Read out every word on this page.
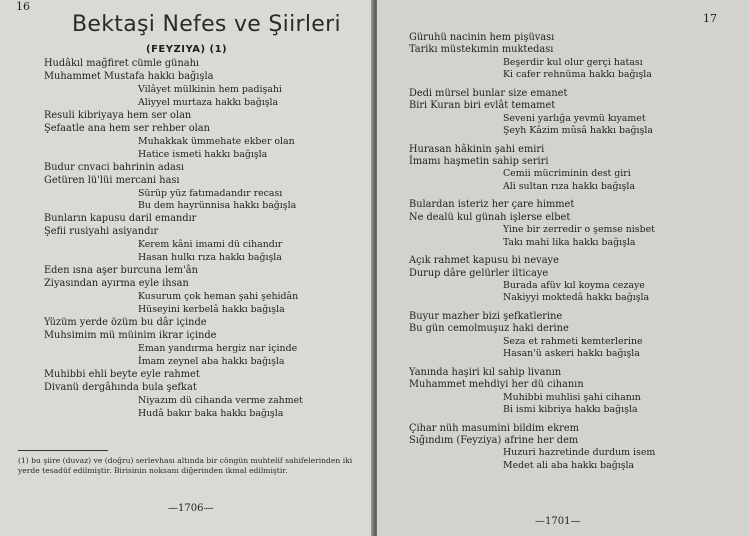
16
Bektaşi Nefes ve Şiirleri
(FEYZIYA) (1)
Hudâkıl mağfiret cümle günahı
Muhammet Mustafa hakkı bağışla
Vilâyet mülkinin hem padişahi
Aliyyel murtaza hakkı bağışla
Resuli kibriyaya hem ser olan
Şefaatle ana hem ser rehber olan
Muhakkak ümmehate ekber olan
Hatice ismeti hakkı bağışla
Budur cnvaci bahrinin adası
Getüren lü'lüi mercani hası
Sürüp yüz fatımadandır recası
Bu dem hayrünnisa hakkı bağışla
Bunların kapusu daril emandır
Şefii rusiyahi asiyandır
Kerem kâni imami dü cihandır
Hasan hulkı rıza hakkı bağışla
Eden ısna aşer burcuna lem'ân
Ziyasından ayırma eyle ihsan
Kusurum çok heman şahi şehidân
Hüseyini kerbelâ hakkı bağışla
Yüzüm yerde özüm bu dâr içinde
Muhsimim mü müinim ikrar içinde
Eman yandırma hergiz nar içinde
İmam zeynel aba hakkı bağışla
Muhibbi ehli beyte eyle rahmet
Divanü dergâhında bula şefkat
Niyazım dü cihanda verme zahmet
Hudâ bakır baka hakkı bağışla
(1) bu şiire (duvaz) ve (doğru) serlevhası altında bir cöngün muhtelif sahifelerinden iki yerde tesadüf edilmiştir. Birisinin noksanı diğerinden ikmal edilmiştir.
—1706—
17
Güruhü nacinin hem pişüvası
Tarikı müstekımin muktedası
Beşerdir kul olur gerçi hatası
Ki cafer rehnüma hakkı bağışla
Dedi mürsel bunlar size emanet
Biri Kuran biri evlât temamet
Seveni yarlığa yevmü kıyamet
Şeyh Kâzim mûsâ hakkı bağışla
Hurasan hâkinin şahi emiri
İmamı haşmetin sahip seriri
Cemii mücriminin dest giri
Ali sultan rıza hakkı bağışla
Bulardan isteriz her çare himmet
Ne dealü kul günah işlerse elbet
Yine bir zerredir o şemse nisbet
Takı mahi lika hakkı bağışla
Açık rahmet kapusu bi nevaye
Durup dâre gelürler ilticaye
Burada afüv kıl koyma cezaye
Nakiyyi moktedâ hakkı bağışla
Buyur mazher bizi şefkatlerine
Bu gün cemolmuşuz haki derine
Seza et rahmeti kemterlerine
Hasan'ü askeri hakkı bağışla
Yanında haşiri kıl sahip livanın
Muhammet mehdiyi her dü cihanın
Muhibbi muhlisi şahi cihanın
Bi ismi kibriya hakkı bağışla
Çihar nüh masumini bildim ekrem
Sığındım (Feyziya) afrine her dem
Huzuri hazretinde durdum isem
Medet ali aba hakkı bağışla
—1701—
